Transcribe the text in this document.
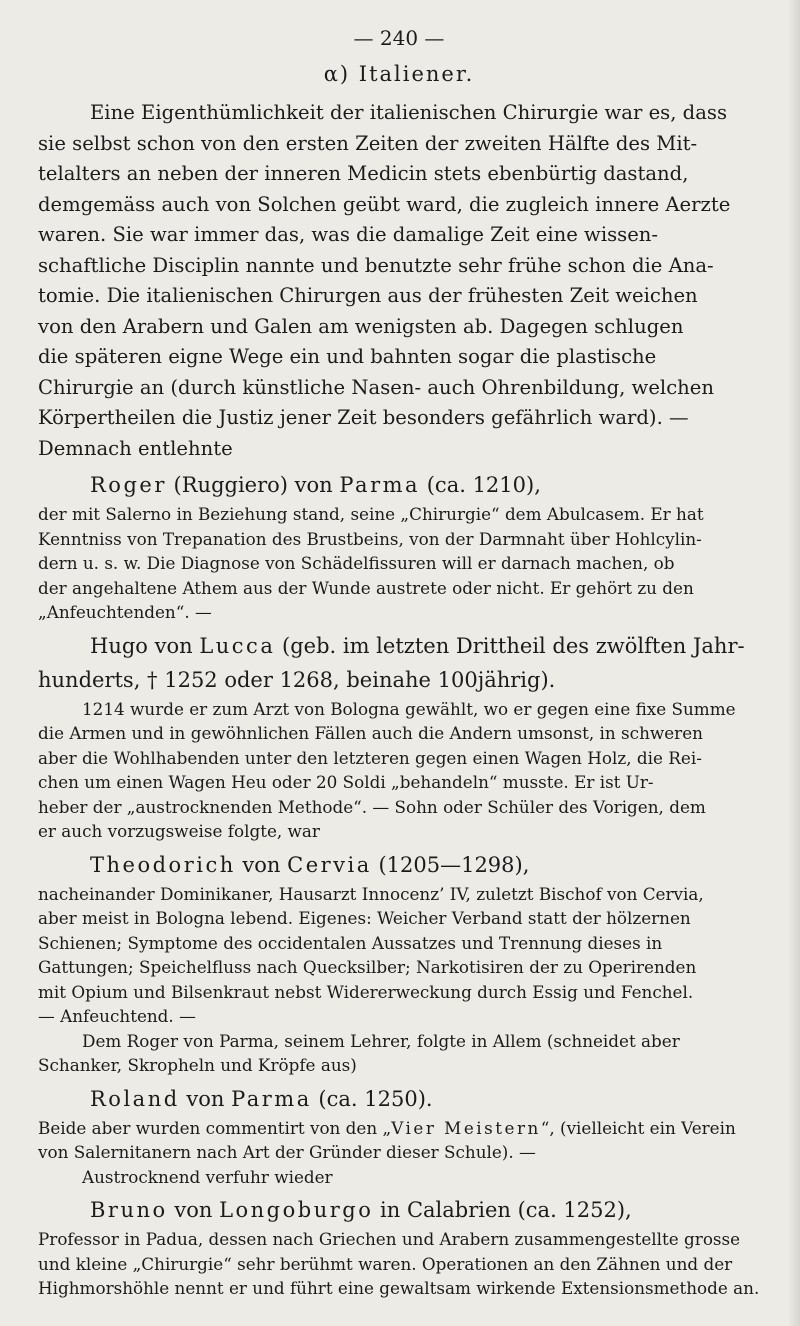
— 240 —
α) Italiener.
Eine Eigenthümlichkeit der italienischen Chirurgie war es, dass
sie selbst schon von den ersten Zeiten der zweiten Hälfte des Mit-
telalters an neben der inneren Medicin stets ebenbürtig dastand,
demgemäss auch von Solchen geübt ward, die zugleich innere Aerzte
waren. Sie war immer das, was die damalige Zeit eine wissen-
schaftliche Disciplin nannte und benutzte sehr frühe schon die Ana-
tomie. Die italienischen Chirurgen aus der frühesten Zeit weichen
von den Arabern und Galen am wenigsten ab. Dagegen schlugen
die späteren eigne Wege ein und bahnten sogar die plastische
Chirurgie an (durch künstliche Nasen- auch Ohrenbildung, welchen
Körpertheilen die Justiz jener Zeit besonders gefährlich ward). —
Demnach entlehnte
Roger (Ruggiero) von Parma (ca. 1210),
der mit Salerno in Beziehung stand, seine „Chirurgie“ dem Abulcasem. Er hat
Kenntniss von Trepanation des Brustbeins, von der Darmnaht über Hohlcylin-
dern u. s. w. Die Diagnose von Schädelfissuren will er darnach machen, ob
der angehaltene Athem aus der Wunde austrete oder nicht. Er gehört zu den
„Anfeuchtenden“. —
Hugo von Lucca (geb. im letzten Drittheil des zwölften Jahr-
hunderts, † 1252 oder 1268, beinahe 100jährig).
1214 wurde er zum Arzt von Bologna gewählt, wo er gegen eine fixe Summe
die Armen und in gewöhnlichen Fällen auch die Andern umsonst, in schweren
aber die Wohlhabenden unter den letzteren gegen einen Wagen Holz, die Rei-
chen um einen Wagen Heu oder 20 Soldi „behandeln“ musste. Er ist Ur-
heber der „austrocknenden Methode“. — Sohn oder Schüler des Vorigen, dem
er auch vorzugsweise folgte, war
Theodorich von Cervia (1205—1298),
nacheinander Dominikaner, Hausarzt Innocenz’ IV, zuletzt Bischof von Cervia,
aber meist in Bologna lebend. Eigenes: Weicher Verband statt der hölzernen
Schienen; Symptome des occidentalen Aussatzes und Trennung dieses in
Gattungen; Speichelfluss nach Quecksilber; Narkotisiren der zu Operirenden
mit Opium und Bilsenkraut nebst Widererweckung durch Essig und Fenchel.
— Anfeuchtend. —
Dem Roger von Parma, seinem Lehrer, folgte in Allem (schneidet aber
Schanker, Skropheln und Kröpfe aus)
Roland von Parma (ca. 1250).
Beide aber wurden commentirt von den „Vier Meistern“, (vielleicht ein Verein
von Salernitanern nach Art der Gründer dieser Schule). —
Austrocknend verfuhr wieder
Bruno von Longoburgo in Calabrien (ca. 1252),
Professor in Padua, dessen nach Griechen und Arabern zusammengestellte grosse
und kleine „Chirurgie“ sehr berühmt waren. Operationen an den Zähnen und der
Highmorshöhle nennt er und führt eine gewaltsam wirkende Extensionsmethode an.
